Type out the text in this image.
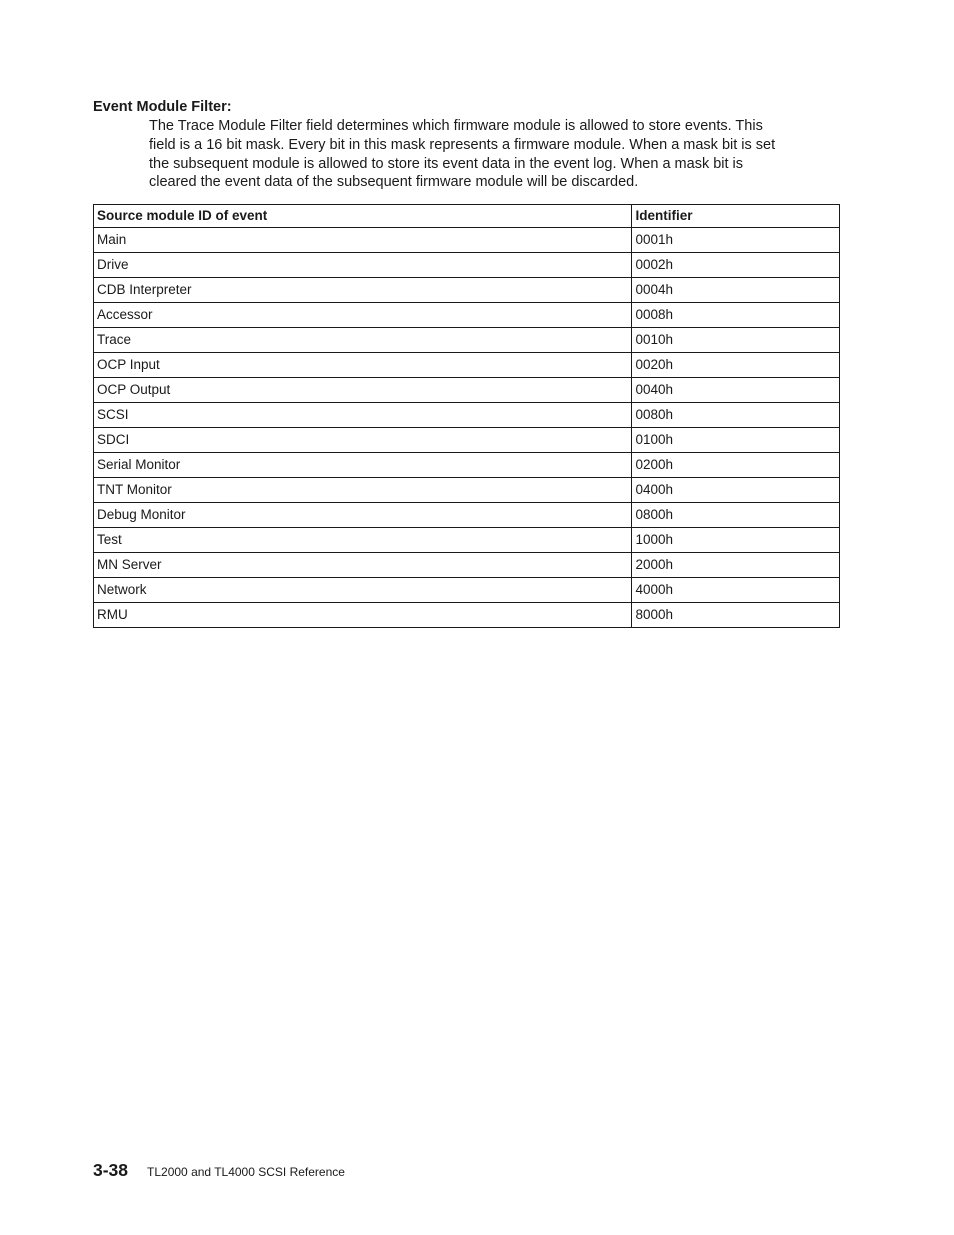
Event Module Filter:

The Trace Module Filter field determines which firmware module is allowed to store events. This

field is a 16 bit mask. Every bit in this mask represents a firmware module. When a mask bit is set

the subsequent module is allowed to store its event data in the event log. When a mask bit is

cleared the event data of the subsequent firmware module will be discarded.

Source module ID of event	Identifier
Main	0001h
Drive	0002h
CDB Interpreter	0004h
Accessor	0008h
Trace	0010h
OCP Input	0020h
OCP Output	0040h
SCSI	0080h
SDCI	0100h
Serial Monitor	0200h
TNT Monitor	0400h
Debug Monitor	0800h
Test	1000h
MN Server	2000h
Network	4000h
RMU	8000h
3-38 TL2000 and TL4000 SCSI Reference
